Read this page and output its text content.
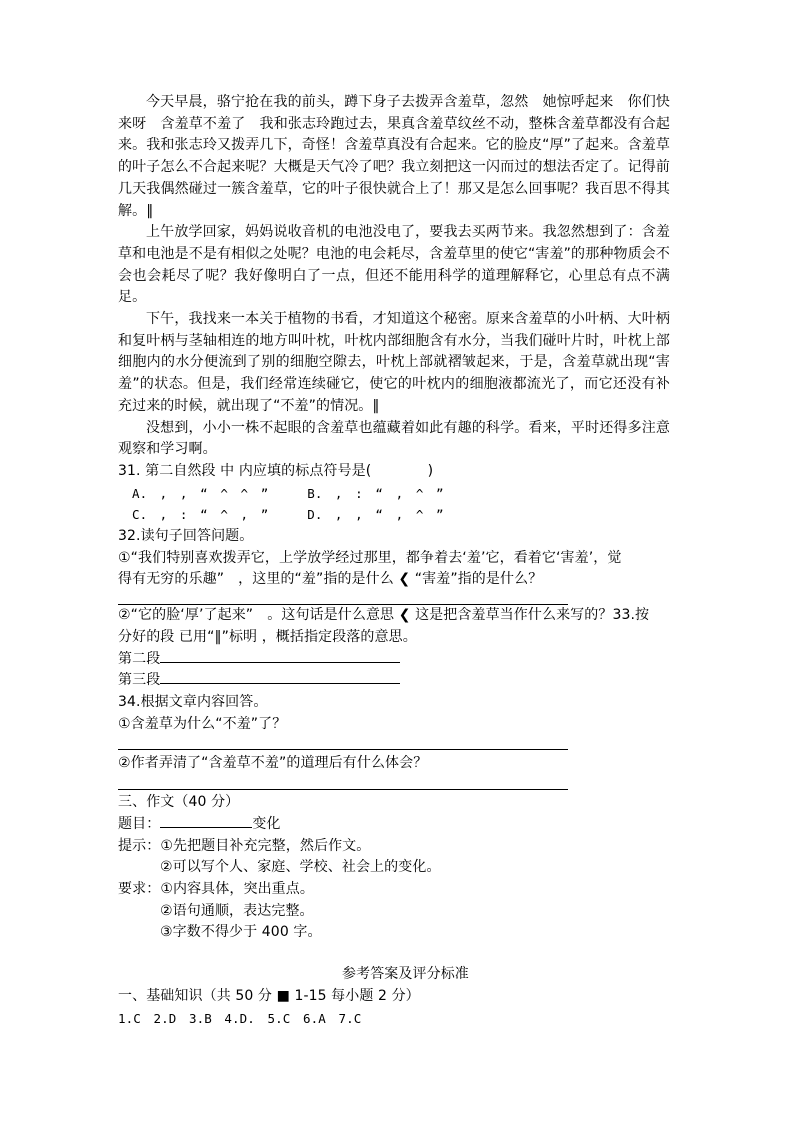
今天早晨，骆宁抢在我的前头，蹲下身子去拨弄含羞草，忽然　她惊呼起来　你们快来呀　含羞草不羞了　我和张志玲跑过去，果真含羞草纹丝不动，整株含羞草都没有合起来。我和张志玲又拨弄几下，奇怪！含羞草真没有合起来。它的脸皮“厚”了起来。含羞草的叶子怎么不合起来呢？大概是天气冷了吧？我立刻把这一闪而过的想法否定了。记得前几天我偶然碰过一簇含羞草，它的叶子很快就合上了！那又是怎么回事呢？我百思不得其解。‖
上午放学回家，妈妈说收音机的电池没电了，要我去买两节来。我忽然想到了：含羞草和电池是不是有相似之处呢？电池的电会耗尽，含羞草里的使它“害羞”的那种物质会不会也会耗尽了呢？我好像明白了一点，但还不能用科学的道理解释它，心里总有点不满足。
下午，我找来一本关于植物的书看，才知道这个秘密。原来含羞草的小叶柄、大叶柄和复叶柄与茎轴相连的地方叫叶枕，叶枕内部细胞含有水分，当我们碰叶片时，叶枕上部细胞内的水分便流到了别的细胞空隙去，叶枕上部就褶皱起来，于是，含羞草就出现“害羞”的状态。但是，我们经常连续碰它，使它的叶枕内的细胞液都流光了，而它还没有补充过来的时候，就出现了“不羞”的情况。‖
没想到，小小一株不起眼的含羞草也蕴藏着如此有趣的科学。看来，平时还得多注意观察和学习啊。
31. 第二自然段 中 内应填的标点符号是(　　　　)
A. ,　,　“　^　^　”	B. ,　:　“　,　^　”
C. ,　:　“　^　,　”	D. ,　,　“　,　^　”
32.读句子回答问题。
①“我们特别喜欢拨弄它，上学放学经过那里，都争着去‘羞’它，看着它‘害羞’，觉
得有无穷的乐趣”　，这里的“羞”指的是什么 ❮ “害羞”指的是什么？
②“它的脸‘厚’了起来”　。这句话是什么意思 ❮ 这是把含羞草当作什么来写的？33.按
分好的段 已用“‖”标明 ，概括指定段落的意思。
第二段
第三段
34.根据文章内容回答。
①含羞草为什么“不羞”了？
②作者弄清了“含羞草不羞”的道理后有什么体会？
三、作文（40 分）
题目：	变化
提示：①先把题目补充完整，然后作文。
②可以写个人、家庭、学校、社会上的变化。
要求：①内容具体，突出重点。
②语句通顺，表达完整。
③字数不得少于 400 字。
参考答案及评分标准
一、基础知识（共 50 分 ■ 1-15 每小题 2 分）
1.C　2.D　3.B　4.D.　5.C　6.A　7.C
